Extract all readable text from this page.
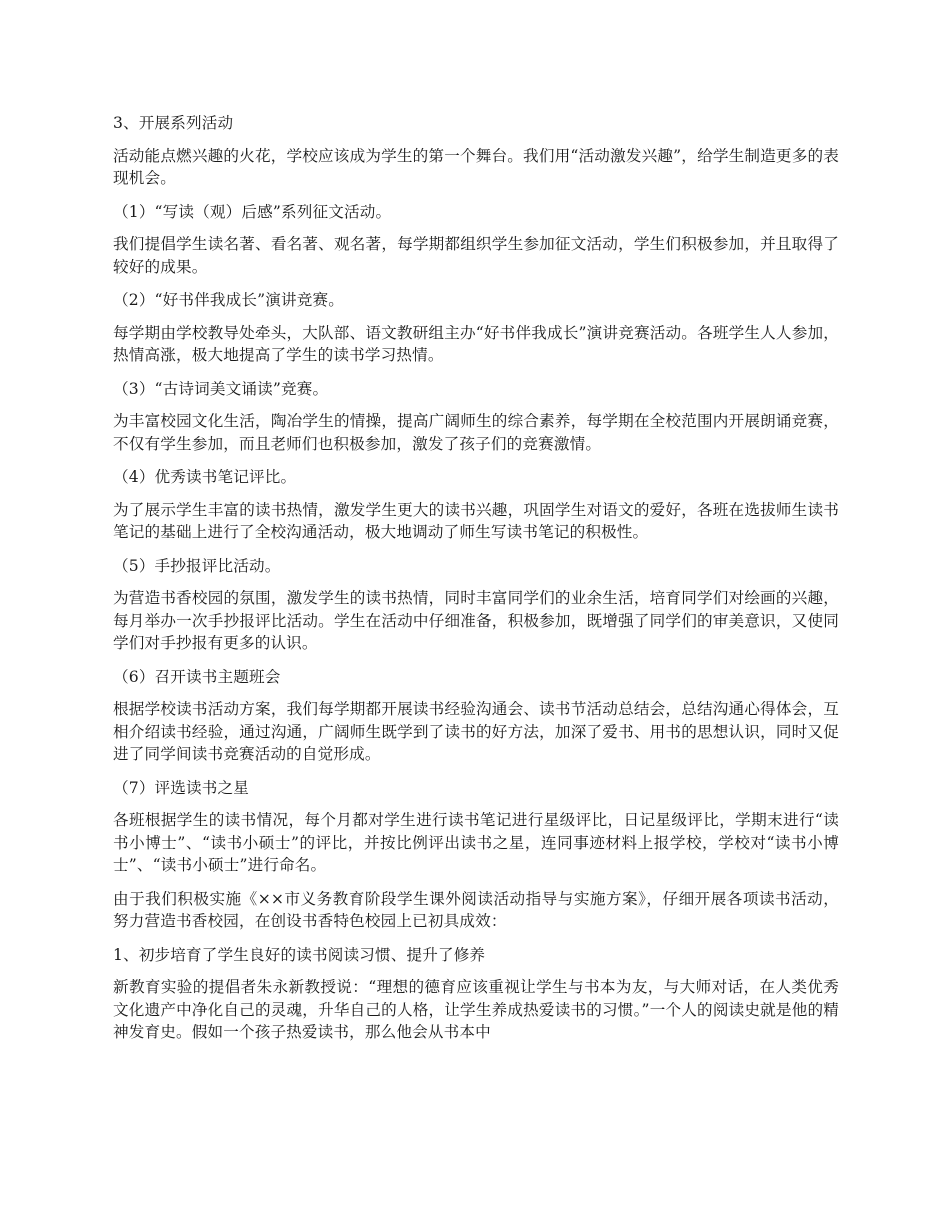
3、开展系列活动

活动能点燃兴趣的火花，学校应该成为学生的第一个舞台。我们用“活动激发兴趣”，给学生制造更多的表现机会。

（1）“写读（观）后感”系列征文活动。

我们提倡学生读名著、看名著、观名著，每学期都组织学生参加征文活动，学生们积极参加，并且取得了较好的成果。

（2）“好书伴我成长”演讲竞赛。

每学期由学校教导处牵头，大队部、语文教研组主办“好书伴我成长”演讲竞赛活动。各班学生人人参加，热情高涨，极大地提高了学生的读书学习热情。

（3）“古诗词美文诵读”竞赛。

为丰富校园文化生活，陶冶学生的情操，提高广阔师生的综合素养，每学期在全校范围内开展朗诵竞赛，不仅有学生参加，而且老师们也积极参加，激发了孩子们的竞赛激情。

（4）优秀读书笔记评比。

为了展示学生丰富的读书热情，激发学生更大的读书兴趣，巩固学生对语文的爱好，各班在选拔师生读书笔记的基础上进行了全校沟通活动，极大地调动了师生写读书笔记的积极性。

（5）手抄报评比活动。

为营造书香校园的氛围，激发学生的读书热情，同时丰富同学们的业余生活，培育同学们对绘画的兴趣，每月举办一次手抄报评比活动。学生在活动中仔细准备，积极参加，既增强了同学们的审美意识，又使同学们对手抄报有更多的认识。

（6）召开读书主题班会

根据学校读书活动方案，我们每学期都开展读书经验沟通会、读书节活动总结会，总结沟通心得体会，互相介绍读书经验，通过沟通，广阔师生既学到了读书的好方法，加深了爱书、用书的思想认识，同时又促进了同学间读书竞赛活动的自觉形成。

（7）评选读书之星

各班根据学生的读书情况，每个月都对学生进行读书笔记进行星级评比，日记星级评比，学期末进行“读书小博士”、“读书小硕士”的评比，并按比例评出读书之星，连同事迹材料上报学校，学校对“读书小博士”、“读书小硕士”进行命名。

由于我们积极实施《××市义务教育阶段学生课外阅读活动指导与实施方案》，仔细开展各项读书活动，努力营造书香校园，在创设书香特色校园上已初具成效：

1、初步培育了学生良好的读书阅读习惯、提升了修养

新教育实验的提倡者朱永新教授说：“理想的德育应该重视让学生与书本为友，与大师对话，在人类优秀文化遗产中净化自己的灵魂，升华自己的人格，让学生养成热爱读书的习惯。”一个人的阅读史就是他的精神发育史。假如一个孩子热爱读书，那么他会从书本中
